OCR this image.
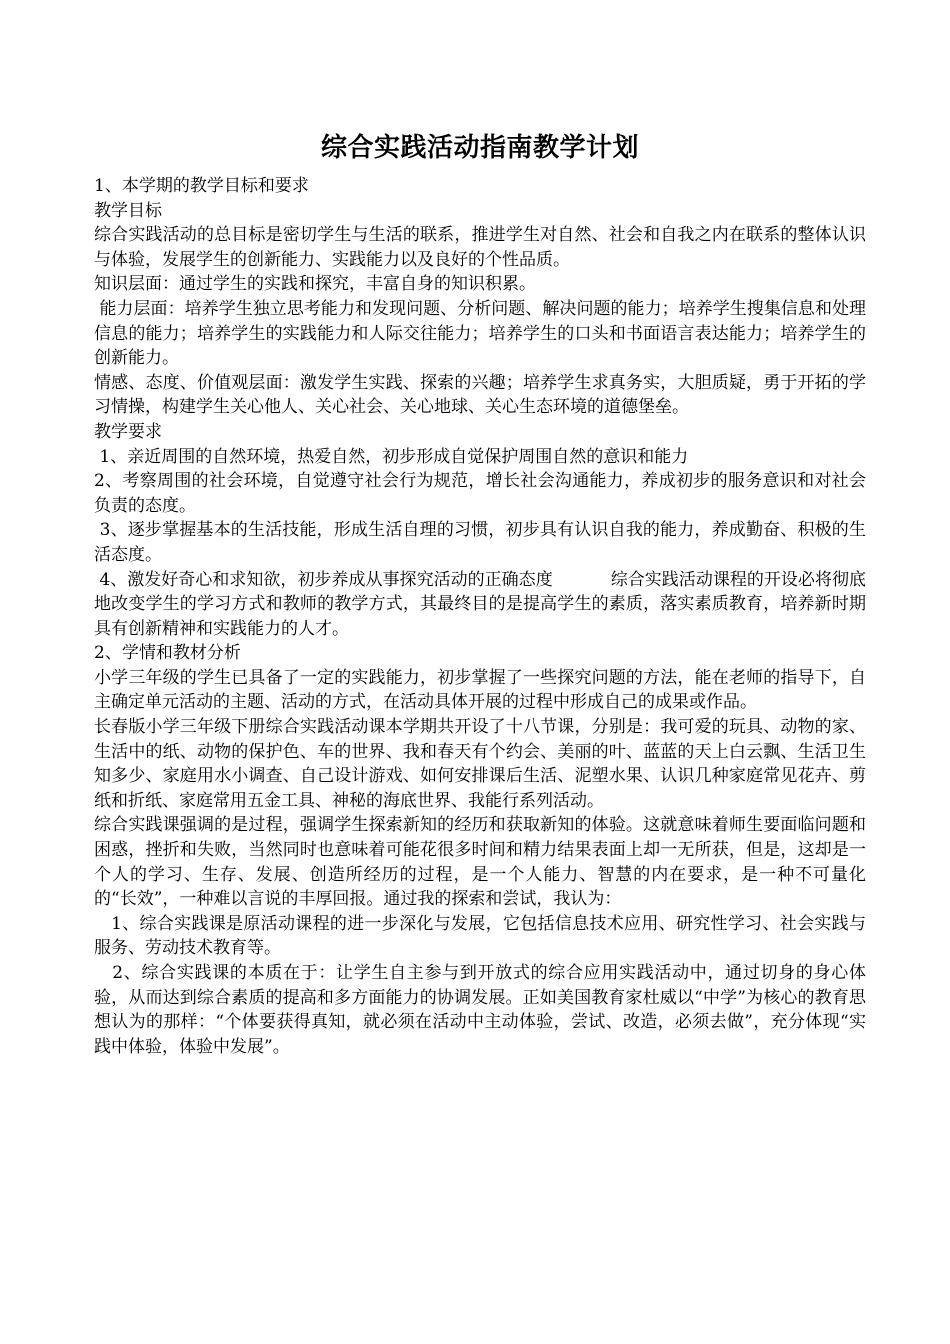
综合实践活动指南教学计划

1、本学期的教学目标和要求

教学目标

综合实践活动的总目标是密切学生与生活的联系，推进学生对自然、社会和自我之内在联系的整体认识与体验，发展学生的创新能力、实践能力以及良好的个性品质。

知识层面：通过学生的实践和探究，丰富自身的知识积累。

能力层面：培养学生独立思考能力和发现问题、分析问题、解决问题的能力；培养学生搜集信息和处理信息的能力；培养学生的实践能力和人际交往能力；培养学生的口头和书面语言表达能力；培养学生的创新能力。

情感、态度、价值观层面：激发学生实践、探索的兴趣；培养学生求真务实，大胆质疑，勇于开拓的学习情操，构建学生关心他人、关心社会、关心地球、关心生态环境的道德堡垒。

教学要求

1、亲近周围的自然环境，热爱自然，初步形成自觉保护周围自然的意识和能力

2、考察周围的社会环境，自觉遵守社会行为规范，增长社会沟通能力，养成初步的服务意识和对社会负责的态度。

3、逐步掌握基本的生活技能，形成生活自理的习惯，初步具有认识自我的能力，养成勤奋、积极的生活态度。

4、激发好奇心和求知欲，初步养成从事探究活动的正确态度	综合实践活动课程的开设必将彻底地改变学生的学习方式和教师的教学方式，其最终目的是提高学生的素质，落实素质教育，培养新时期具有创新精神和实践能力的人才。

2、学情和教材分析

小学三年级的学生已具备了一定的实践能力，初步掌握了一些探究问题的方法，能在老师的指导下，自主确定单元活动的主题、活动的方式，在活动具体开展的过程中形成自己的成果或作品。

长春版小学三年级下册综合实践活动课本学期共开设了十八节课，分别是：我可爱的玩具、动物的家、生活中的纸、动物的保护色、车的世界、我和春天有个约会、美丽的叶、蓝蓝的天上白云飘、生活卫生知多少、家庭用水小调查、自己设计游戏、如何安排课后生活、泥塑水果、认识几种家庭常见花卉、剪纸和折纸、家庭常用五金工具、神秘的海底世界、我能行系列活动。

综合实践课强调的是过程，强调学生探索新知的经历和获取新知的体验。这就意味着师生要面临问题和困惑，挫折和失败，当然同时也意味着可能花很多时间和精力结果表面上却一无所获，但是，这却是一个人的学习、生存、发展、创造所经历的过程，是一个人能力、智慧的内在要求，是一种不可量化的“长效”，一种难以言说的丰厚回报。通过我的探索和尝试，我认为：

1、综合实践课是原活动课程的进一步深化与发展，它包括信息技术应用、研究性学习、社会实践与服务、劳动技术教育等。

2、综合实践课的本质在于：让学生自主参与到开放式的综合应用实践活动中，通过切身的身心体验，从而达到综合素质的提高和多方面能力的协调发展。正如美国教育家杜威以“中学”为核心的教育思想认为的那样：“个体要获得真知，就必须在活动中主动体验，尝试、改造，必须去做”，充分体现“实践中体验，体验中发展”。
